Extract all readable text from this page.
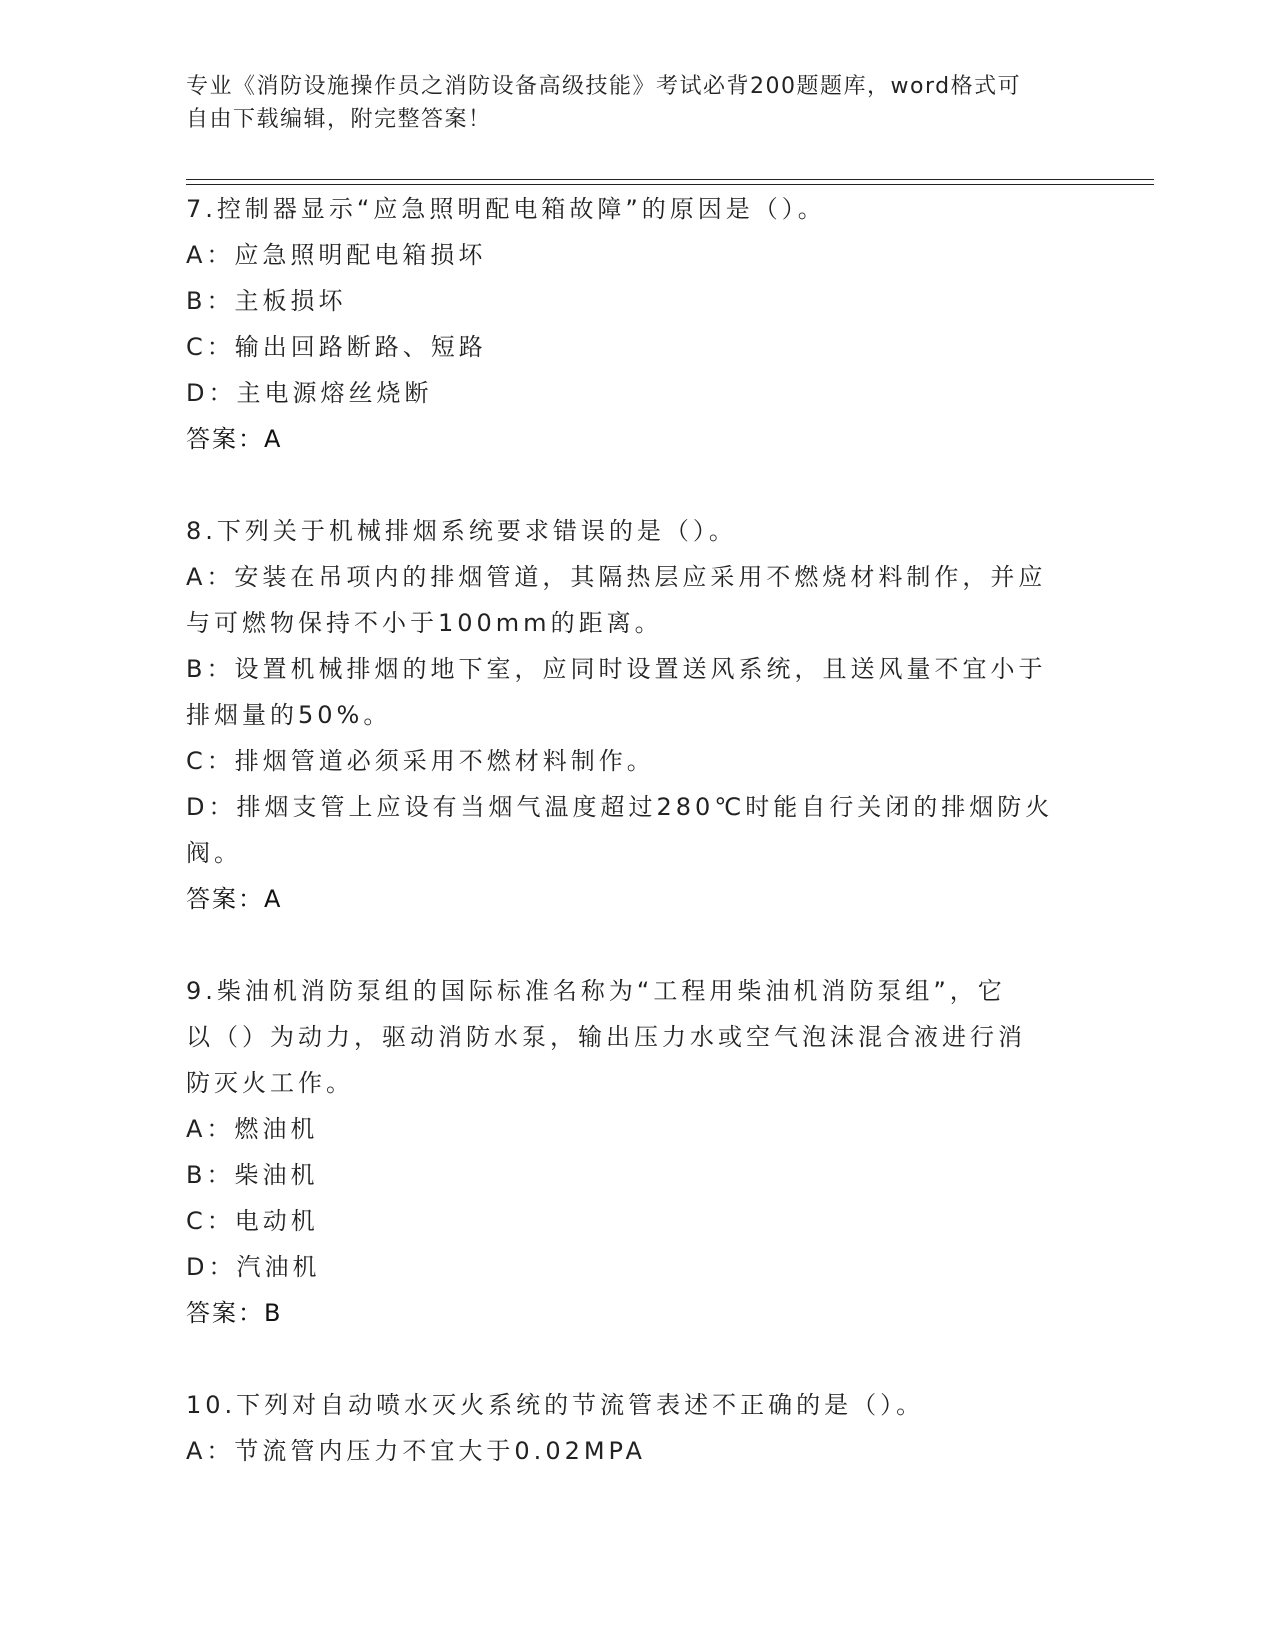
专业《消防设施操作员之消防设备高级技能》考试必背200题题库，word格式可
自由下载编辑，附完整答案！
7.控制器显示“应急照明配电箱故障”的原因是（）。
A：应急照明配电箱损坏
B：主板损坏
C：输出回路断路、短路
D：主电源熔丝烧断
答案：A
8.下列关于机械排烟系统要求错误的是（）。
A：安装在吊项内的排烟管道，其隔热层应采用不燃烧材料制作，并应
与可燃物保持不小于100mm的距离。
B：设置机械排烟的地下室，应同时设置送风系统，且送风量不宜小于
排烟量的50%。
C：排烟管道必须采用不燃材料制作。
D：排烟支管上应设有当烟气温度超过280℃时能自行关闭的排烟防火
阀。
答案：A
9.柴油机消防泵组的国际标准名称为“工程用柴油机消防泵组”，它
以（）为动力，驱动消防水泵，输出压力水或空气泡沫混合液进行消
防灭火工作。
A：燃油机
B：柴油机
C：电动机
D：汽油机
答案：B
10.下列对自动喷水灭火系统的节流管表述不正确的是（）。
A：节流管内压力不宜大于0.02MPA
